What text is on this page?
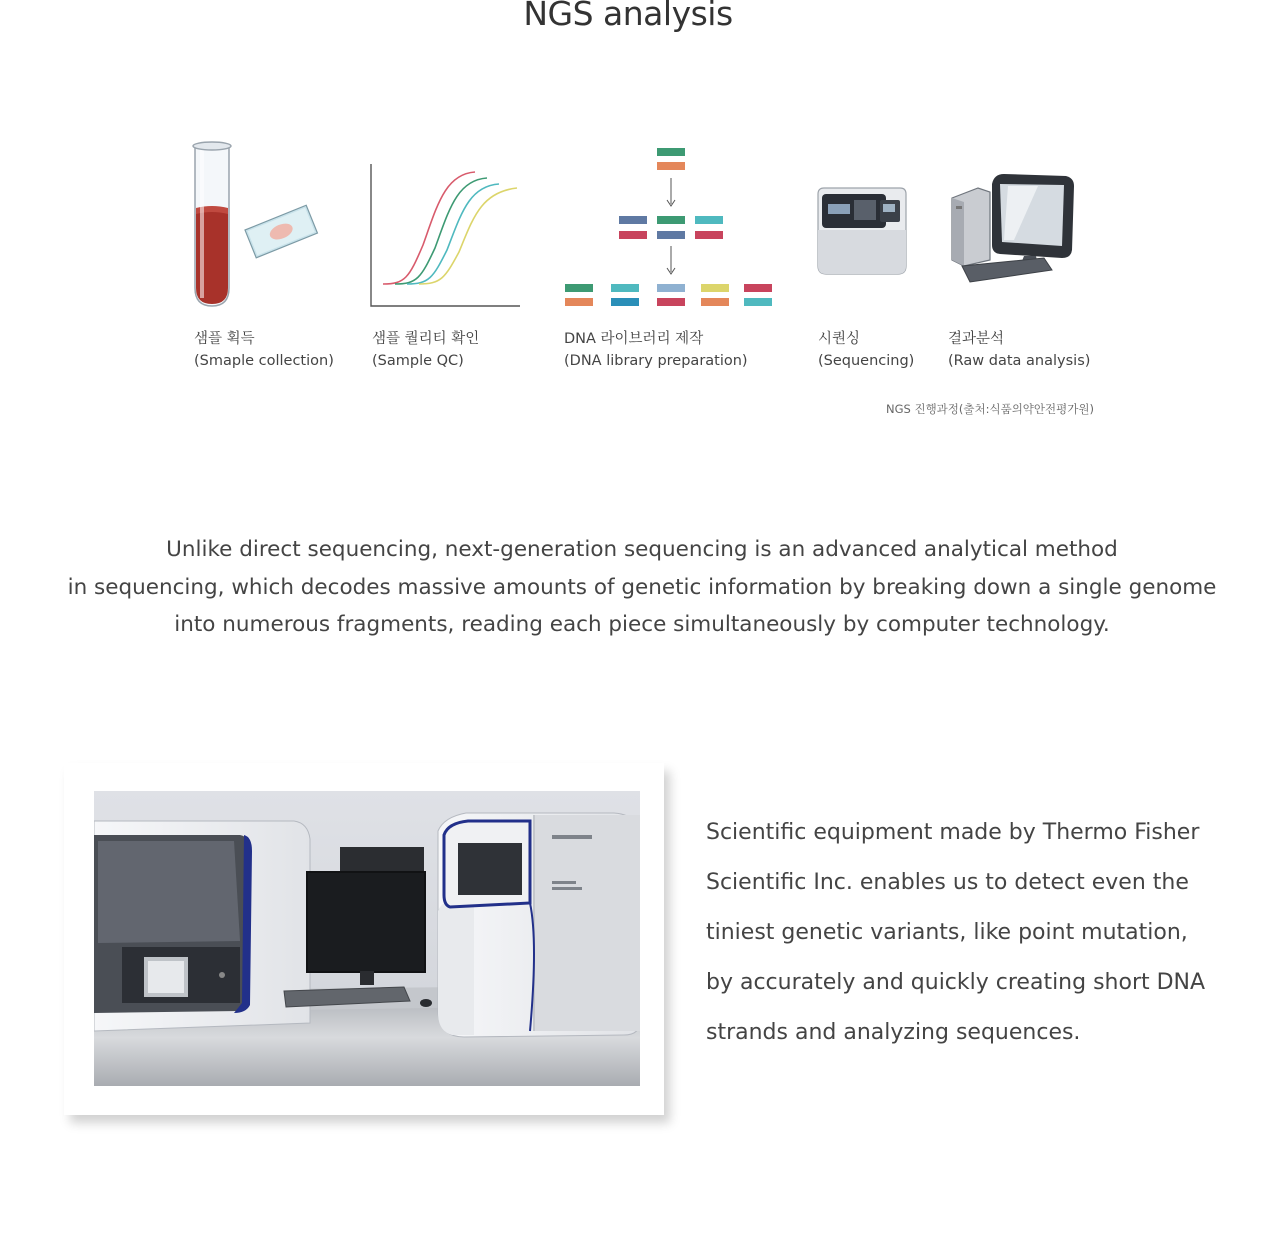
NGS analysis
샘플 획득
(Smaple collection)
샘플 퀄리티 확인
(Sample QC)
DNA 라이브러리 제작
(DNA library preparation)
시퀀싱
(Sequencing)
결과분석
(Raw data analysis)
NGS 진행과정(출처:식품의약안전평가원)
Unlike direct sequencing, next-generation sequencing is an advanced analytical method
in sequencing, which decodes massive amounts of genetic information by breaking down a single genome
into numerous fragments, reading each piece simultaneously by computer technology.
Scientific equipment made by Thermo Fisher
Scientific Inc. enables us to detect even the
tiniest genetic variants, like point mutation,
by accurately and quickly creating short DNA
strands and analyzing sequences.
